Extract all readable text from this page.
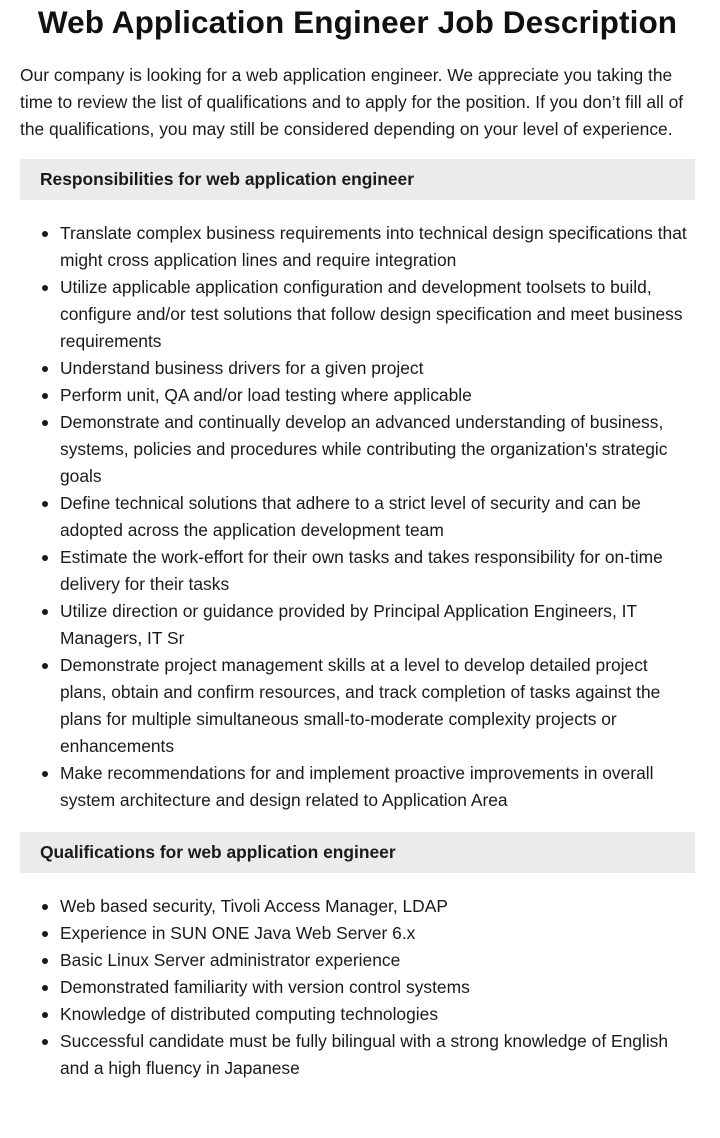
Web Application Engineer Job Description

Our company is looking for a web application engineer. We appreciate you taking the time to review the list of qualifications and to apply for the position. If you don’t fill all of the qualifications, you may still be considered depending on your level of experience.

Responsibilities for web application engineer
Translate complex business requirements into technical design specifications that might cross application lines and require integration
Utilize applicable application configuration and development toolsets to build, configure and/or test solutions that follow design specification and meet business requirements
Understand business drivers for a given project
Perform unit, QA and/or load testing where applicable
Demonstrate and continually develop an advanced understanding of business, systems, policies and procedures while contributing the organization's strategic goals
Define technical solutions that adhere to a strict level of security and can be adopted across the application development team
Estimate the work-effort for their own tasks and takes responsibility for on-time delivery for their tasks
Utilize direction or guidance provided by Principal Application Engineers, IT Managers, IT Sr
Demonstrate project management skills at a level to develop detailed project plans, obtain and confirm resources, and track completion of tasks against the plans for multiple simultaneous small-to-moderate complexity projects or enhancements
Make recommendations for and implement proactive improvements in overall system architecture and design related to Application Area
Qualifications for web application engineer
Web based security, Tivoli Access Manager, LDAP
Experience in SUN ONE Java Web Server 6.x
Basic Linux Server administrator experience
Demonstrated familiarity with version control systems
Knowledge of distributed computing technologies
Successful candidate must be fully bilingual with a strong knowledge of English and a high fluency in Japanese
